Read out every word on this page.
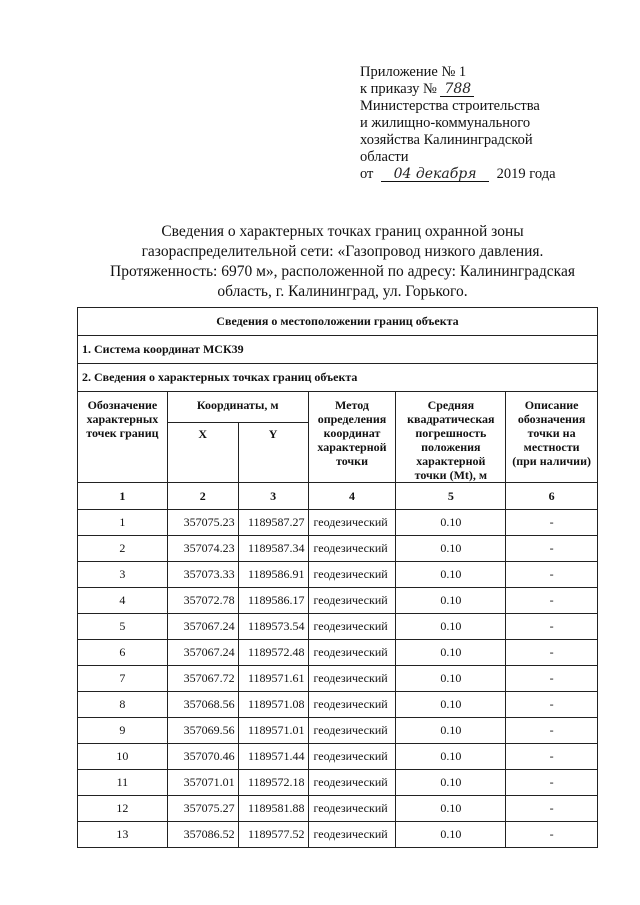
Приложение № 1
к приказу № 788
Министерства строительства
и жилищно-коммунального
хозяйства Калининградской
области
от 04 декабря 2019 года
Сведения о характерных точках границ охранной зоны
газораспределительной сети: «Газопровод низкого давления.
Протяженность: 6970 м», расположенной по адресу: Калининградская
область, г. Калининград, ул. Горького.
Сведения о местоположении границ объекта					
1. Система координат МСК39					
2. Сведения о характерных точках границ объекта					
Обозначение характерных точек границ	Координаты, м		Метод определения координат характерной точки	Средняя квадратическая погрешность положения характерной точки (Mt), м	Описание обозначения точки на местности (при наличии)
	X	Y			
1	2	3	4	5	6
1	357075.23	1189587.27	геодезический	0.10	-
2	357074.23	1189587.34	геодезический	0.10	-
3	357073.33	1189586.91	геодезический	0.10	-
4	357072.78	1189586.17	геодезический	0.10	-
5	357067.24	1189573.54	геодезический	0.10	-
6	357067.24	1189572.48	геодезический	0.10	-
7	357067.72	1189571.61	геодезический	0.10	-
8	357068.56	1189571.08	геодезический	0.10	-
9	357069.56	1189571.01	геодезический	0.10	-
10	357070.46	1189571.44	геодезический	0.10	-
11	357071.01	1189572.18	геодезический	0.10	-
12	357075.27	1189581.88	геодезический	0.10	-
13	357086.52	1189577.52	геодезический	0.10	-
